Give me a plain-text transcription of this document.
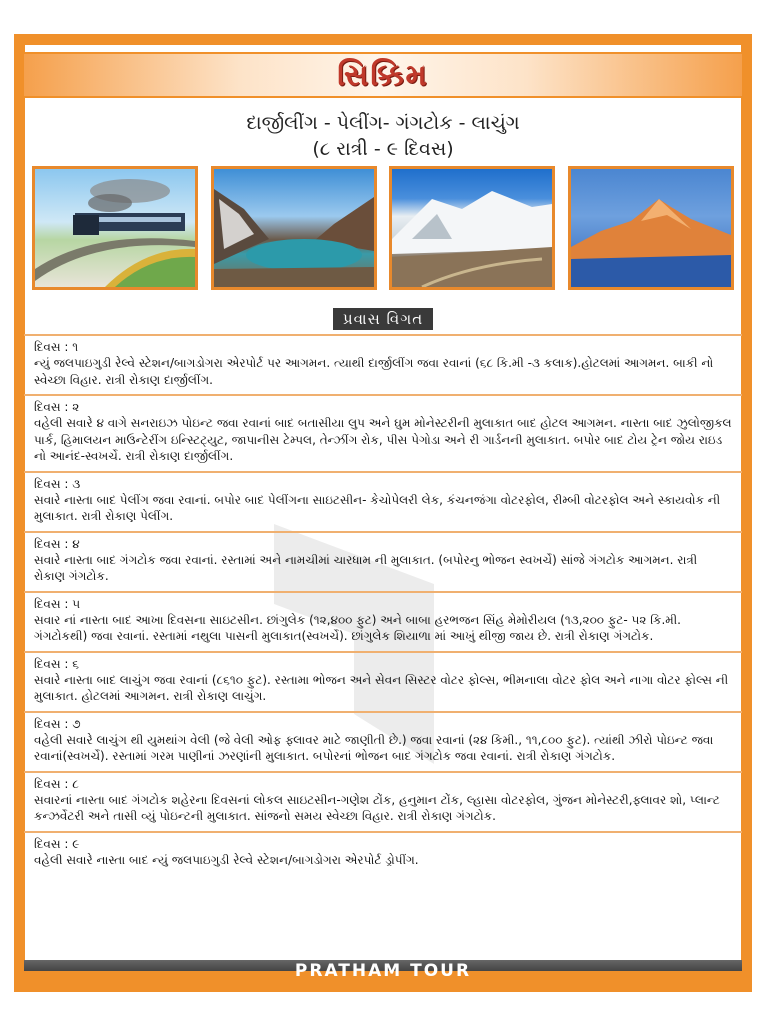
સિક્કિમ
દાર્જીલીંગ - પેલીંગ- ગંગટોક - લાચુંગ
(૮ રાત્રી - ૯ દિવસ)
પ્રવાસ વિગત
દિવસ : ૧
ન્યું જલપાઇગુડી રેલ્વે સ્ટેશન/બાગડોગરા એરપોર્ટ પર આગમન. ત્યાથી દાર્જીલીંગ જવા રવાનાં (૬૮ કિ.મી -૩ કલાક).હોટલમાં આગમન. બાકી નો સ્વેચ્છા વિહાર. રાત્રી રોકાણ દાર્જીલીંગ.
દિવસ : ૨
વહેલી સવારે ૪ વાગે સનરાઇઝ પોઇન્ટ જવા રવાનાં બાદ બતાસીયા લુપ અને ઘુમ મોનેસ્ટરીની મુલાકાત બાદ હોટલ આગમન. નાસ્તા બાદ ઝુલોજીકલ પાર્ક, હિમાલયન માઉન્ટેરીંગ ઇન્સ્ટિટ્યુટ, જાપાનીસ ટેમ્પલ, તેન્ઝીંગ રોક, પીસ પેગોડા અને રી ગાર્ડનની મુલાકાત. બપોર બાદ ટોય ટ્રેન જોય રાઇડ નો આનંદ-સ્વખર્ચે. રાત્રી રોકાણ દાર્જીલીંગ.
દિવસ : ૩
સવારે નાસ્તા બાદ પેલીંગ જવા રવાનાં. બપોર બાદ પેલીંગના સાઇટસીન- કેચોપેલરી લેક, કંચનજંગા વોટરફોલ, રીમ્બી વોટરફોલ અને સ્કાયવોક ની મુલાકાત. રાત્રી રોકાણ પેલીંગ.
દિવસ : ૪
સવારે નાસ્તા બાદ ગંગટોક જવા રવાનાં. રસ્તામાં અને નામચીમાં ચારધામ ની મુલાકાત. (બપોરનુ ભોજન સ્વખર્ચે) સાંજે ગંગટોક આગમન. રાત્રી રોકાણ ગંગટોક.
દિવસ : ૫
સવાર નાં નાસ્તા બાદ આખા દિવસના સાઇટસીન. છાંગુલેક (૧૨,૪૦૦ ફુટ) અને બાબા હરભજન સિંહ મેમોરીયલ (૧૩,૨૦૦ ફુટ- ૫૨ કિ.મી. ગંગટોકથી) જવા રવાનાં. રસ્તામાં નથુલા પાસની મુલાકાત(સ્વખર્ચે). છાંગુલેક શિયાળા માં આખું થીજી જાય છે. રાત્રી રોકાણ ગંગટોક.
દિવસ : ૬
સવારે નાસ્તા બાદ લાચુંગ જવા રવાનાં (૮૬૧૦ ફુટ). રસ્તામા ભોજન અને સેવન સિસ્ટર વોટર ફોલ્સ, ભીમનાલા વોટર ફોલ અને નાગા વોટર ફોલ્સ ની મુલાકાત. હોટલમાં આગમન. રાત્રી રોકાણ લાચુંગ.
દિવસ : ૭
વહેલી સવારે લાચુંગ થી યુમથાંગ વેલી (જે વેલી ઓફ ફ્લાવર માટે જાણીતી છે.) જવા રવાનાં (૨૪ કિમી., ૧૧,૮૦૦ ફુટ). ત્યાંથી ઝીરો પોઇન્ટ જવા રવાનાં(સ્વખર્ચે). રસ્તામાં ગરમ પાણીનાં ઝરણાંની મુલાકાત. બપોરનાં ભોજન બાદ ગંગટોક જવા રવાનાં. રાત્રી રોકાણ ગંગટોક.
દિવસ : ૮
સવારનાં નાસ્તા બાદ ગંગટોક શહેરના દિવસનાં લોકલ સાઇટસીન-ગણેશ ટોંક, હનુમાન ટોંક, લ્હાસા વોટરફોલ, ગુંજન મોનેસ્ટરી,ફ્લાવર શો, પ્લાન્ટ કન્ઝર્વેટરી અને તાસી વ્યું પોઇન્ટની મુલાકાત. સાંજનો સમય સ્વેચ્છા વિહાર. રાત્રી રોકાણ ગંગટોક.
દિવસ : ૯
વહેલી સવારે નાસ્તા બાદ ન્યું જલપાઇગુડી રેલ્વે સ્ટેશન/બાગડોગરા એરપોર્ટ ડ્રોપીંગ.
PRATHAM TOUR
